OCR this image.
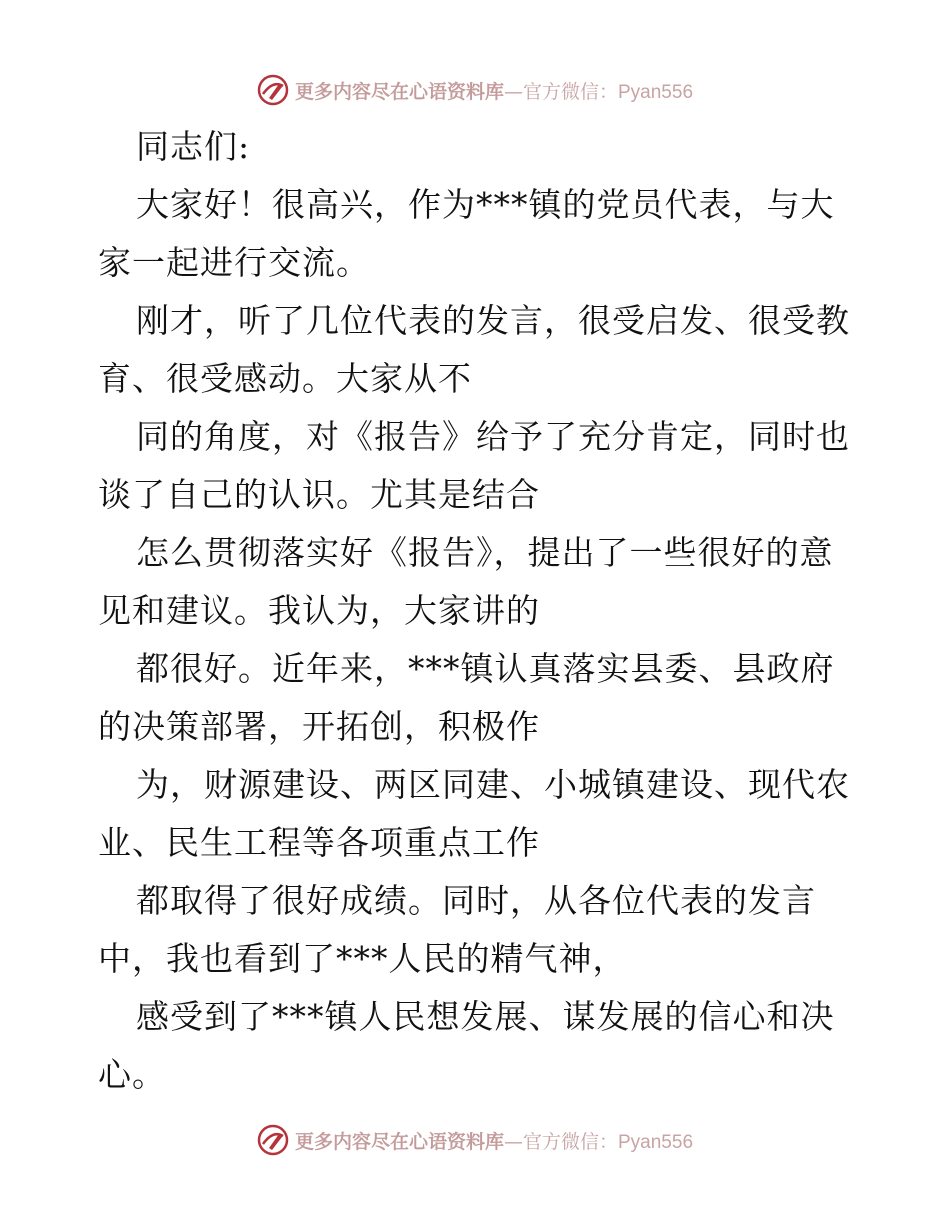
更多内容尽在心语资料库—官方微信：Pyan556
同志们:
大家好！很高兴，作为***镇的党员代表，与大
家一起进行交流。
刚才，听了几位代表的发言，很受启发、很受教
育、很受感动。大家从不
同的角度，对《报告》给予了充分肯定，同时也
谈了自己的认识。尤其是结合
怎么贯彻落实好《报告》，提出了一些很好的意
见和建议。我认为，大家讲的
都很好。近年来，***镇认真落实县委、县政府
的决策部署，开拓创，积极作
为，财源建设、两区同建、小城镇建设、现代农
业、民生工程等各项重点工作
都取得了很好成绩。同时，从各位代表的发言
中，我也看到了***人民的精气神，
感受到了***镇人民想发展、谋发展的信心和决
心。
更多内容尽在心语资料库—官方微信：Pyan556
